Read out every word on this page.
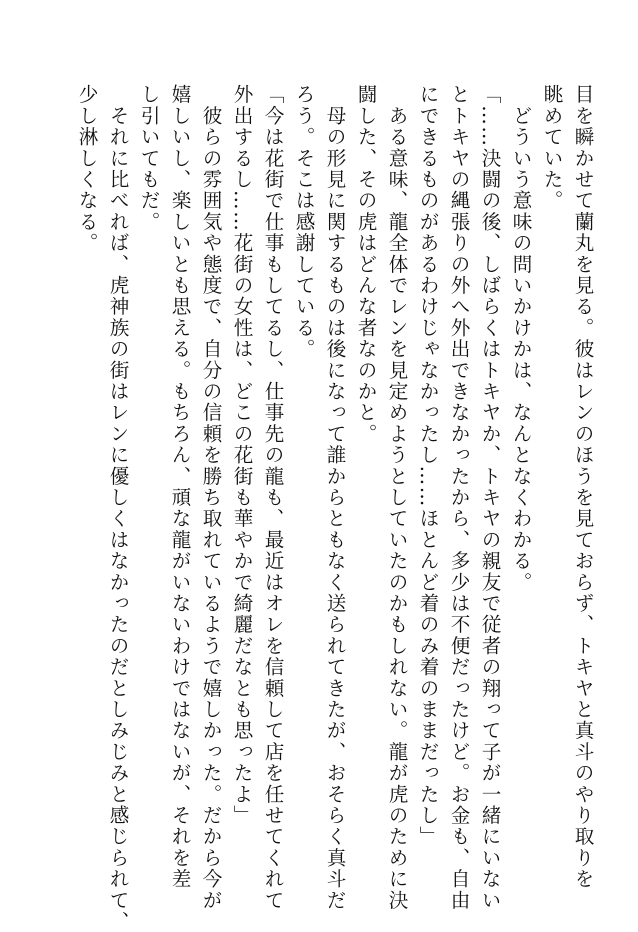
目を瞬かせて蘭丸を見る。彼はレンのほうを見ておらず、トキヤと真斗のやり取りを
眺めていた。
　どういう意味の問いかけかは、なんとなくわかる。
「……決闘の後、しばらくはトキヤか、トキヤの親友で従者の翔って子が一緒にいない
とトキヤの縄張りの外へ外出できなかったから、多少は不便だったけど。お金も、自由
にできるものがあるわけじゃなかったし……ほとんど着のみ着のままだったし」
　ある意味、龍全体でレンを見定めようとしていたのかもしれない。龍が虎のために決
闘した、その虎はどんな者なのかと。
　母の形見に関するものは後になって誰からともなく送られてきたが、おそらく真斗だ
ろう。そこは感謝している。
「今は花街で仕事もしてるし、仕事先の龍も、最近はオレを信頼して店を任せてくれて
外出するし……花街の女性は、どこの花街も華やかで綺麗だなとも思ったよ」
　彼らの雰囲気や態度で、自分の信頼を勝ち取れているようで嬉しかった。だから今が
嬉しいし、楽しいとも思える。もちろん、頑な龍がいないわけではないが、それを差
し引いてもだ。
　それに比べれば、虎神族の街はレンに優しくはなかったのだとしみじみと感じられて、
少し淋しくなる。
